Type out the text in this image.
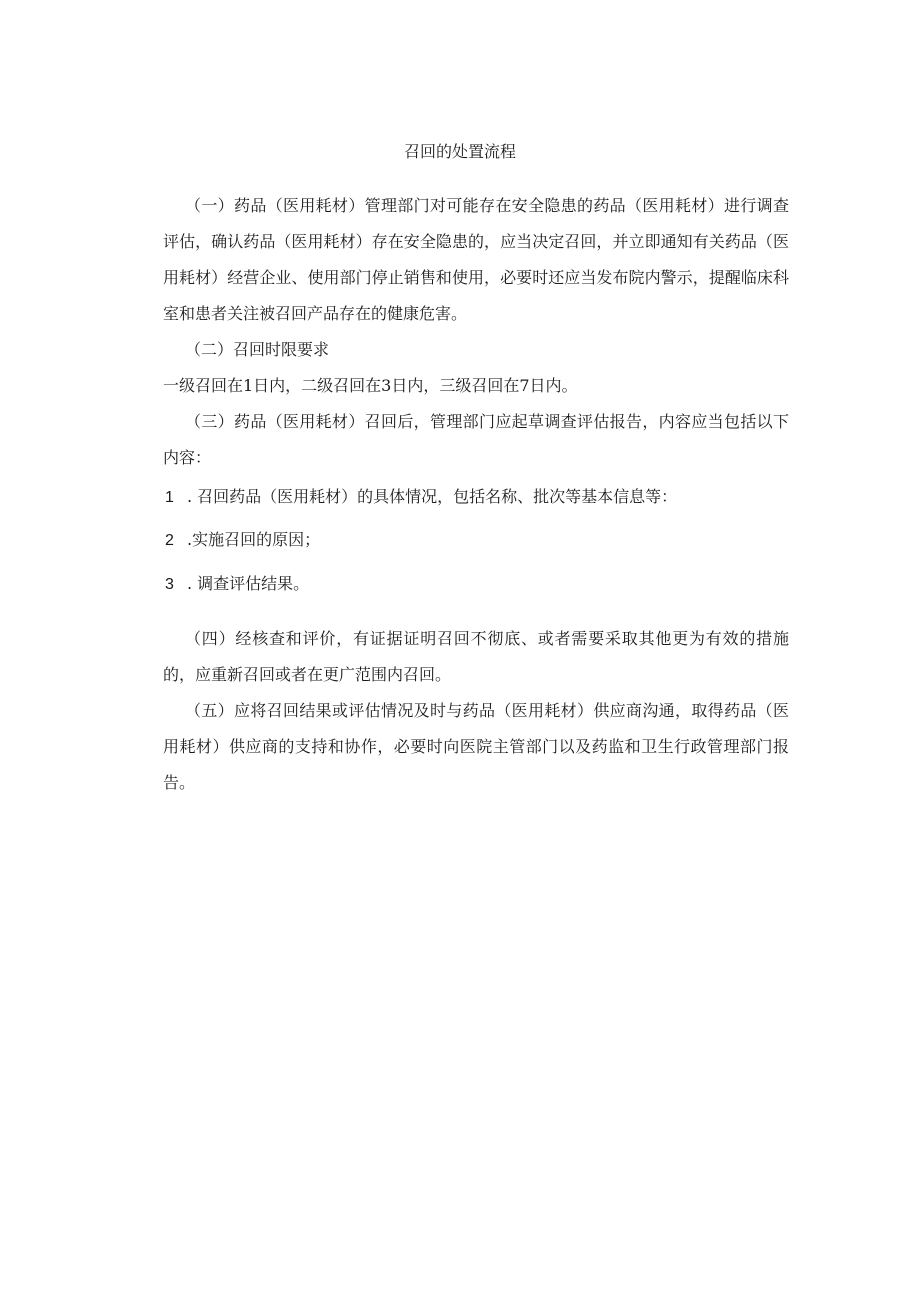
召回的处置流程

（一）药品（医用耗材）管理部门对可能存在安全隐患的药品（医用耗材）进行调查评估，确认药品（医用耗材）存在安全隐患的，应当决定召回，并立即通知有关药品（医用耗材）经营企业、使用部门停止销售和使用，必要时还应当发布院内警示，提醒临床科室和患者关注被召回产品存在的健康危害。

（二）召回时限要求

一级召回在1日内，二级召回在3日内，三级召回在7日内。

（三）药品（医用耗材）召回后，管理部门应起草调查评估报告，内容应当包括以下内容：

1 . 召回药品（医用耗材）的具体情况，包括名称、批次等基本信息等：

2 .实施召回的原因；

3 . 调查评估结果。

（四）经核查和评价，有证据证明召回不彻底、或者需要采取其他更为有效的措施的，应重新召回或者在更广范围内召回。

（五）应将召回结果或评估情况及时与药品（医用耗材）供应商沟通，取得药品（医用耗材）供应商的支持和协作，必要时向医院主管部门以及药监和卫生行政管理部门报告。
